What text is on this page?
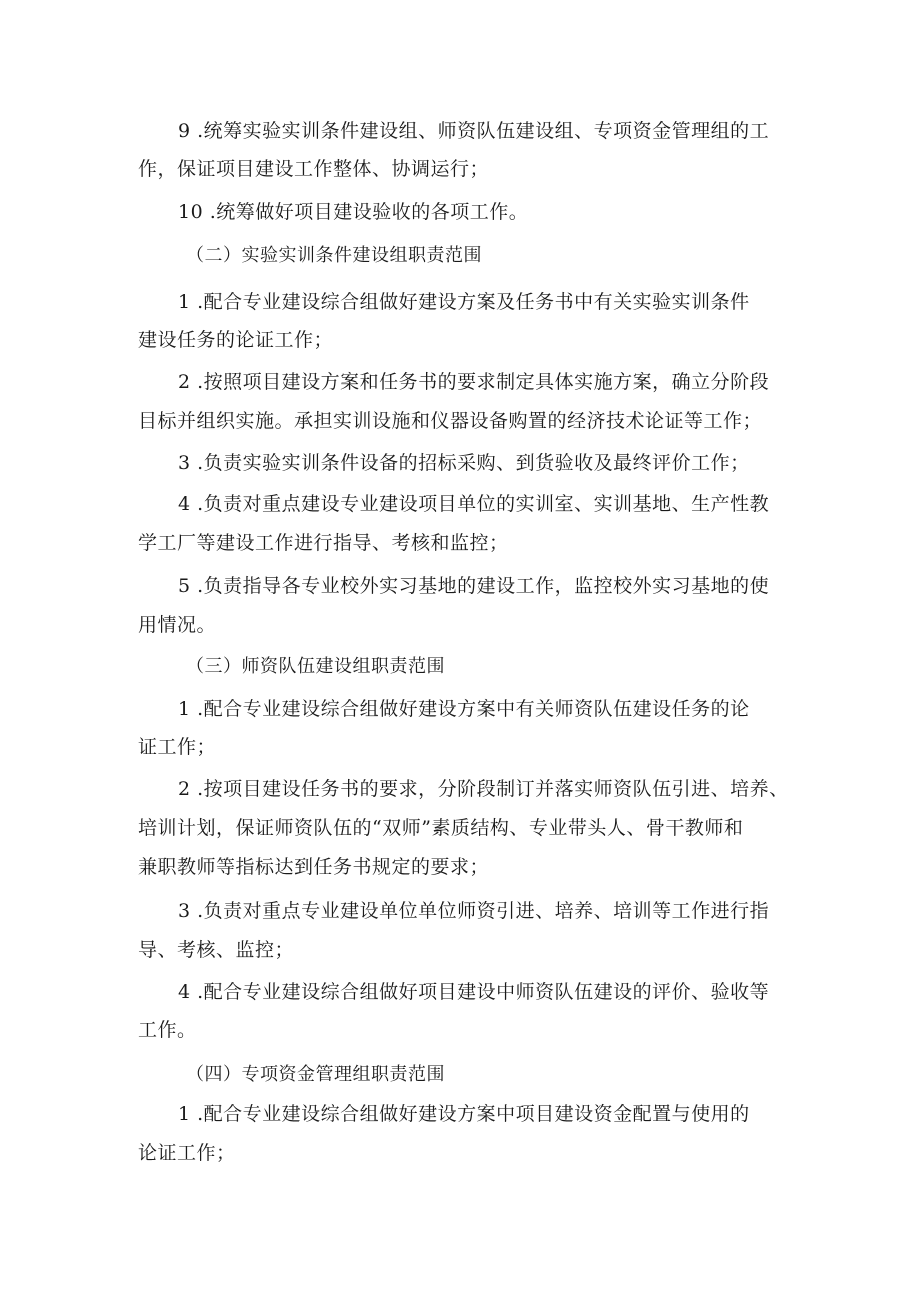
9 .统筹实验实训条件建设组、师资队伍建设组、专项资金管理组的工
作，保证项目建设工作整体、协调运行；
10 .统筹做好项目建设验收的各项工作。
（二）实验实训条件建设组职责范围
1 .配合专业建设综合组做好建设方案及任务书中有关实验实训条件
建设任务的论证工作；
2 .按照项目建设方案和任务书的要求制定具体实施方案，确立分阶段
目标并组织实施。承担实训设施和仪器设备购置的经济技术论证等工作；
3 .负责实验实训条件设备的招标采购、到货验收及最终评价工作；
4 .负责对重点建设专业建设项目单位的实训室、实训基地、生产性教
学工厂等建设工作进行指导、考核和监控；
5 .负责指导各专业校外实习基地的建设工作，监控校外实习基地的使
用情况。
（三）师资队伍建设组职责范围
1 .配合专业建设综合组做好建设方案中有关师资队伍建设任务的论
证工作；
2 .按项目建设任务书的要求，分阶段制订并落实师资队伍引进、培养、
培训计划，保证师资队伍的“双师”素质结构、专业带头人、骨干教师和
兼职教师等指标达到任务书规定的要求；
3 .负责对重点专业建设单位单位师资引进、培养、培训等工作进行指
导、考核、监控；
4 .配合专业建设综合组做好项目建设中师资队伍建设的评价、验收等
工作。
（四）专项资金管理组职责范围
1 .配合专业建设综合组做好建设方案中项目建设资金配置与使用的
论证工作；
